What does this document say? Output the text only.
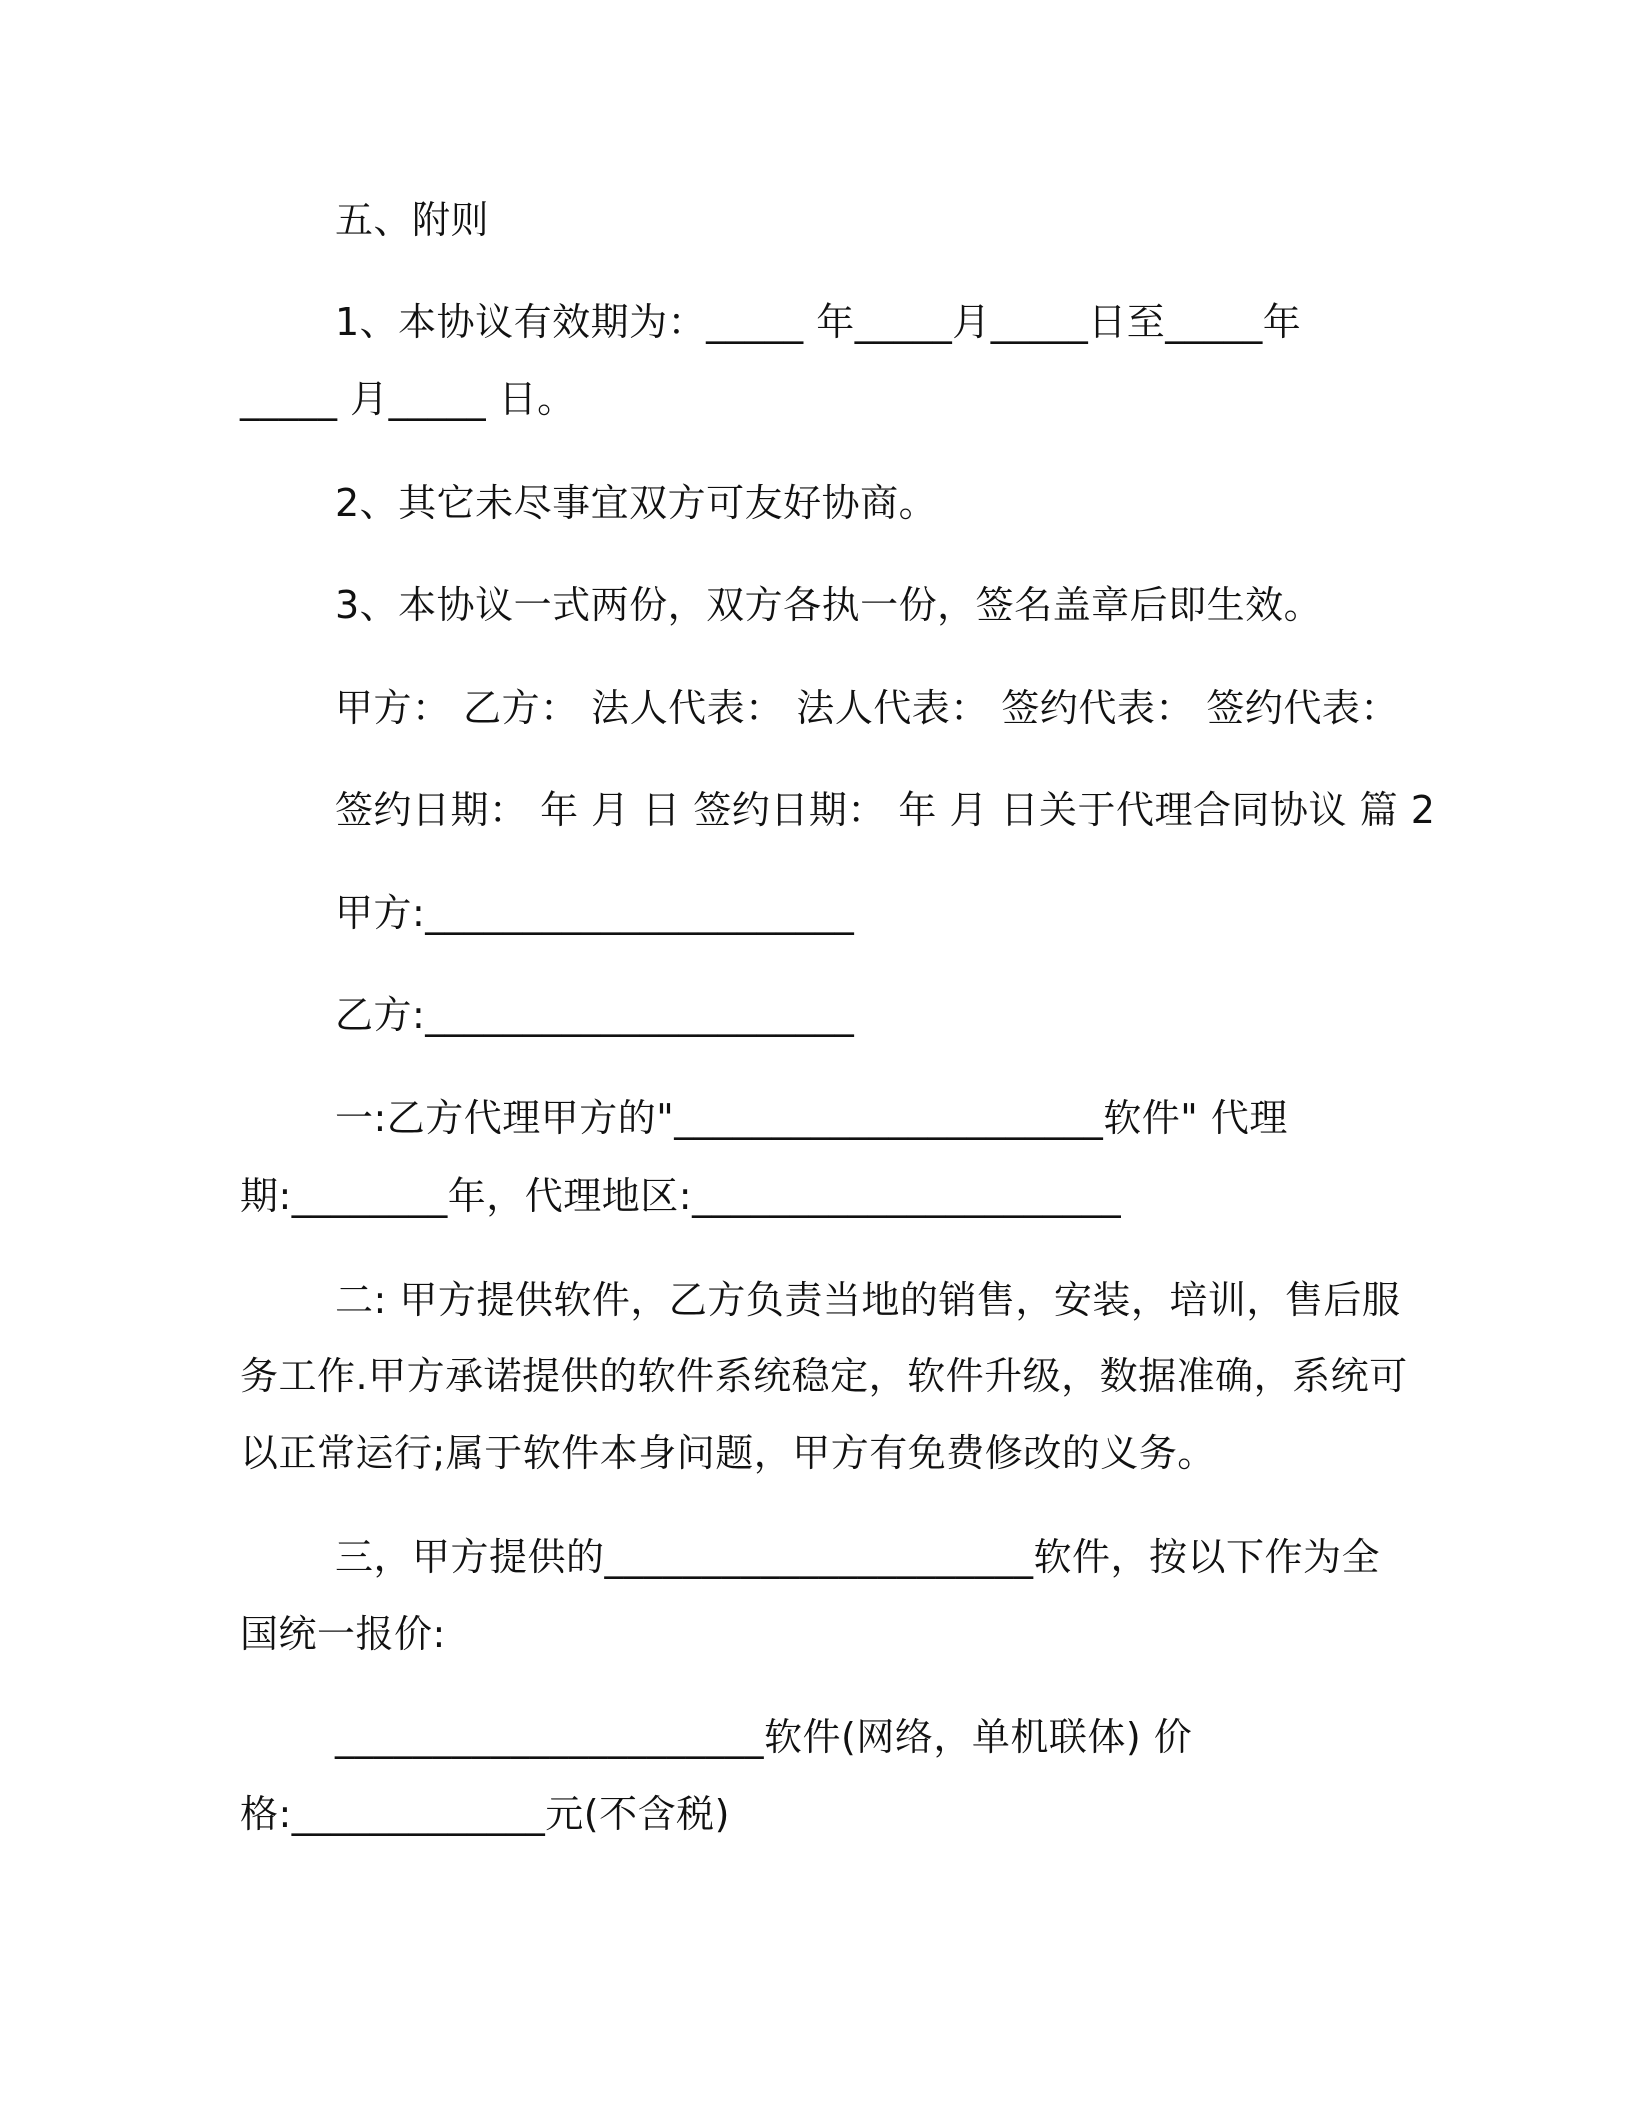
五、附则
1、本协议有效期为：_____ 年_____月_____日至_____年
_____ 月_____ 日。
2、其它未尽事宜双方可友好协商。
3、本协议一式两份，双方各执一份，签名盖章后即生效。
甲方： 乙方： 法人代表： 法人代表： 签约代表： 签约代表：
签约日期： 年 月 日 签约日期： 年 月 日关于代理合同协议 篇 2
甲方:______________________
乙方:______________________
一:乙方代理甲方的"______________________软件" 代理
期:________年，代理地区:______________________
二: 甲方提供软件，乙方负责当地的销售，安装，培训，售后服
务工作.甲方承诺提供的软件系统稳定，软件升级，数据准确，系统可
以正常运行;属于软件本身问题，甲方有免费修改的义务。
三，甲方提供的______________________软件，按以下作为全
国统一报价:
______________________软件(网络，单机联体) 价
格:_____________元(不含税)
